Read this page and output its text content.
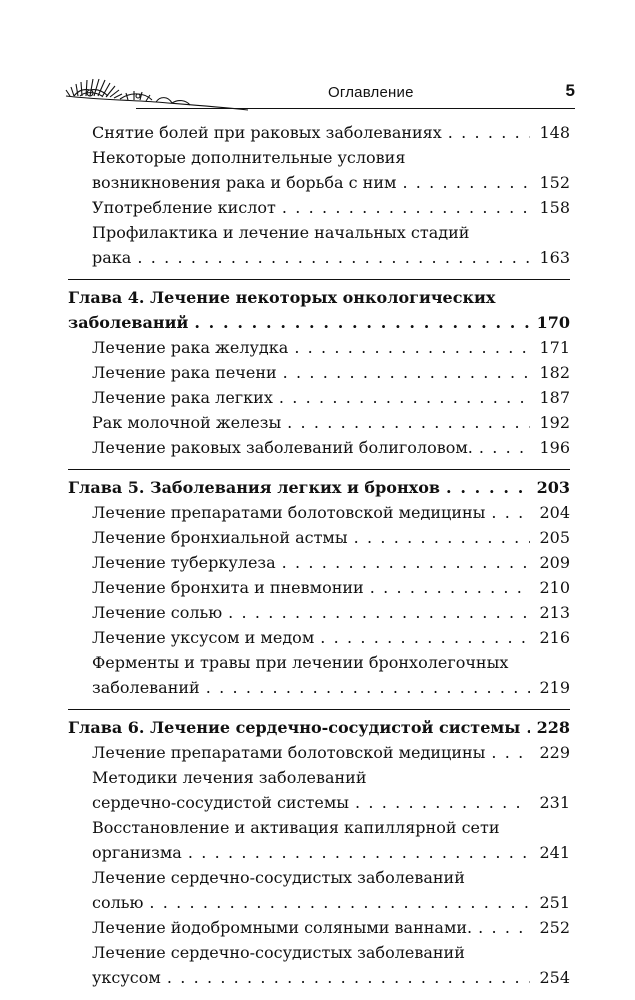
Оглавление	5
Снятие болей при раковых заболеваниях . . .	148
Некоторые дополнительные условия
возникновения рака и борьба с ним . . .	152
Употребление кислот . . .	158
Профилактика и лечение начальных стадий
рака . . .	163
Глава 4. Лечение некоторых онкологических
заболеваний . . .	170
Лечение рака желудка . . .	171
Лечение рака печени . . .	182
Лечение рака легких . . .	187
Рак молочной железы . . .	192
Лечение раковых заболеваний болиголовом. . . .	196
Глава 5. Заболевания легких и бронхов . . .	203
Лечение препаратами болотовской медицины . . .	204
Лечение бронхиальной астмы . . .	205
Лечение туберкулеза . . .	209
Лечение бронхита и пневмонии . . .	210
Лечение солью . . .	213
Лечение уксусом и медом . . .	216
Ферменты и травы при лечении бронхолегочных
заболеваний . . .	219
Глава 6. Лечение сердечно-сосудистой системы . . . 228
Лечение препаратами болотовской медицины . . .	229
Методики лечения заболеваний
сердечно-сосудистой системы . . .	231
Восстановление и активация капиллярной сети
организма . . .	241
Лечение сердечно-сосудистых заболеваний
солью . . .	251
Лечение йодобромными соляными ваннами. . . .	252
Лечение сердечно-сосудистых заболеваний
уксусом . . .	254
